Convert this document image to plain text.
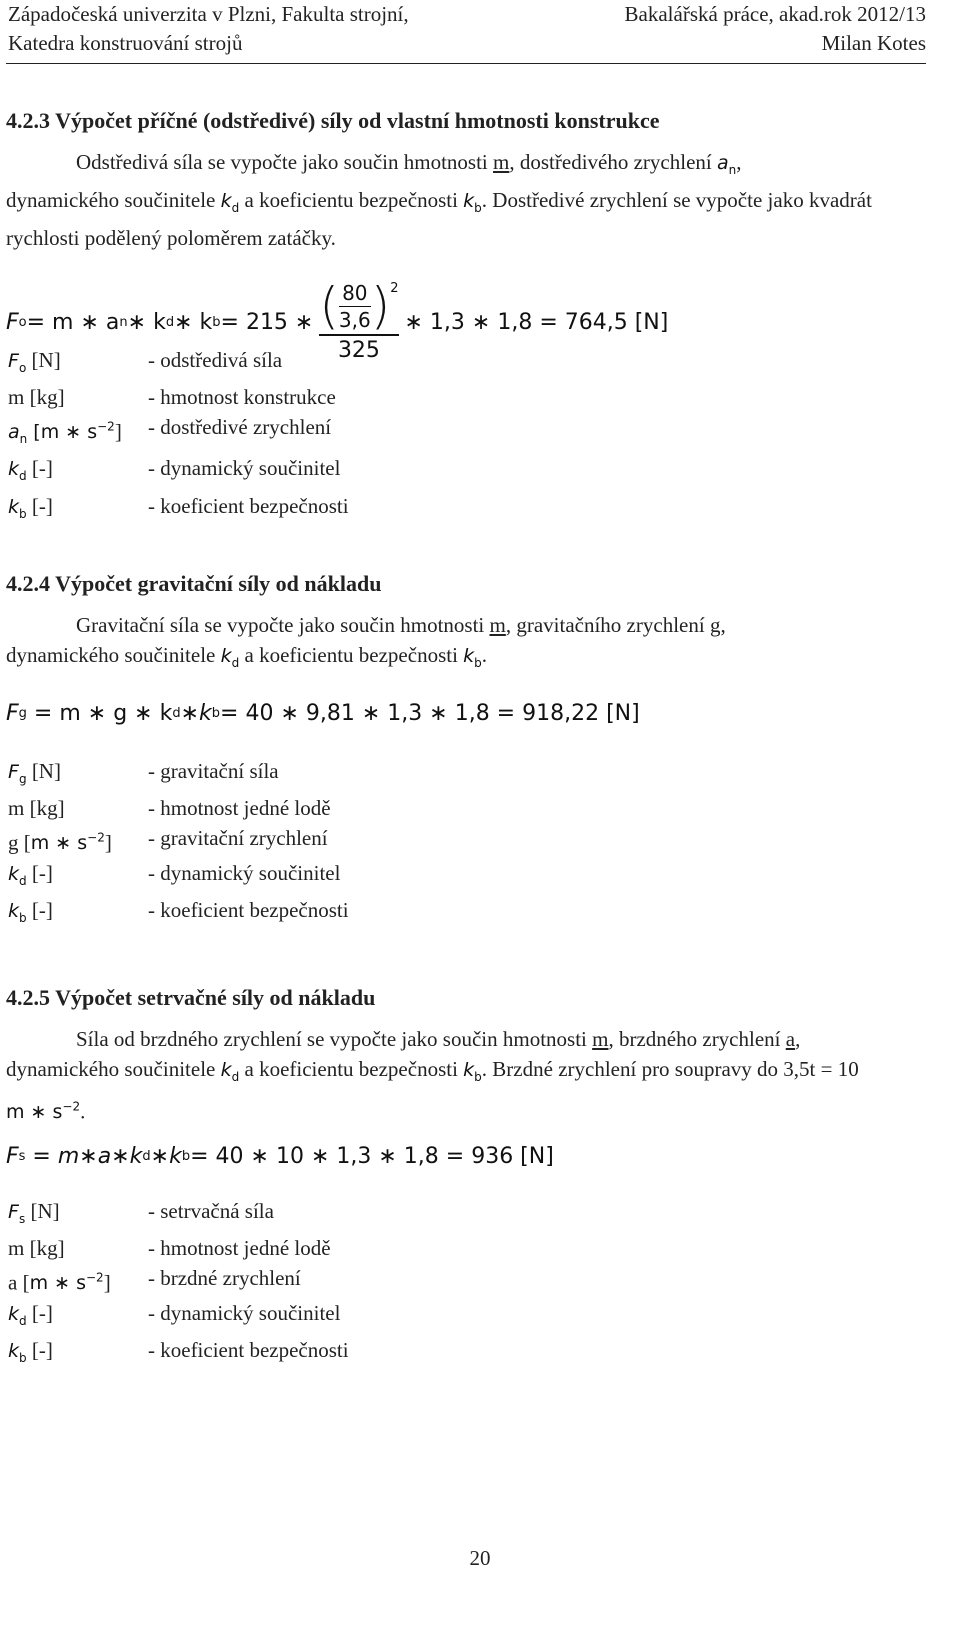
Západočeská univerzita v Plzni, Fakulta strojní,	Bakalářská práce, akad.rok 2012/13
Katedra konstruování strojů	Milan Kotes
4.2.3 Výpočet příčné (odstředivé) síly od vlastní hmotnosti konstrukce
Odstředivá síla se vypočte jako součin hmotnosti m, dostředivého zrychlení $a_n$,
dynamického součinitele $k_d$ a koeficientu bezpečnosti $k_b$. Dostředivé zrychlení se vypočte jako kvadrát rychlosti podělený poloměrem zatáčky.
F o = m ∗ a n ∗ k d ∗ k b = 215 ∗ ( $\frac{80}{3,6} )^2$
325
∗ 1,3 ∗ 1,8 = 764,5 [N]
$F_o$ [N]	- odstředivá síla
m [kg]	- hmotnost konstrukce
$a_n$ [m ∗ $s^{-2}$]	- dostředivé zrychlení
$k_d$ [-]	- dynamický součinitel
$k_b$ [-]	- koeficient bezpečnosti
4.2.4 Výpočet gravitační síly od nákladu
Gravitační síla se vypočte jako součin hmotnosti m, gravitačního zrychlení g,
dynamického součinitele $k_d$ a koeficientu bezpečnosti $k_b$.
F g
= m ∗ g ∗ k d ∗ k b = 40 ∗ 9,81 ∗ 1,3 ∗ 1,8 = 918,22 [N]
$F_g$ [N]	- gravitační síla
m [kg]	- hmotnost jedné lodě
g [m ∗ $s^{-2}$]	- gravitační zrychlení
$k_d$ [-]	- dynamický součinitel
$k_b$ [-]	- koeficient bezpečnosti
4.2.5 Výpočet setrvačné síly od nákladu
Síla od brzdného zrychlení se vypočte jako součin hmotnosti m, brzdného zrychlení a,
dynamického součinitele $k_d$ a koeficientu bezpečnosti $k_b$. Brzdné zrychlení pro soupravy do 3,5t = 10 m ∗ $s^{-2}$.
F s = m ∗ a ∗ k d ∗ k b = 40 ∗ 10 ∗ 1,3 ∗ 1,8 = 936 [N]
$F_s$ [N]	- setrvačná síla
m [kg]	- hmotnost jedné lodě
a [m ∗ $s^{-2}$]	- brzdné zrychlení
$k_d$ [-]	- dynamický součinitel
$k_b$ [-]	- koeficient bezpečnosti
20
